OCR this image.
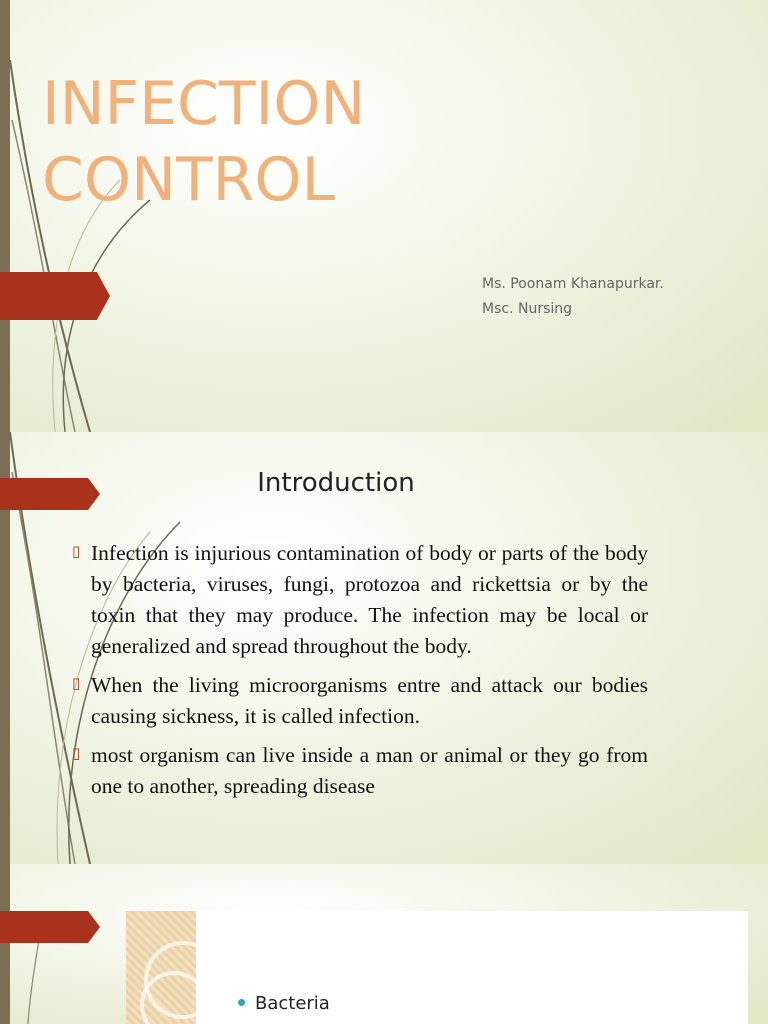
INFECTION
CONTROL
Ms. Poonam Khanapurkar.
Msc. Nursing
Introduction
▯ Infection is injurious contamination of body or parts of the body by bacteria, viruses, fungi, protozoa and rickettsia or by the toxin that they may produce. The infection may be local or generalized and spread throughout the body.
▯ When the living microorganisms entre and attack our bodies causing sickness, it is called infection.
▯ most organism can live inside a man or animal or they go from one to another, spreading disease
Bacteria
